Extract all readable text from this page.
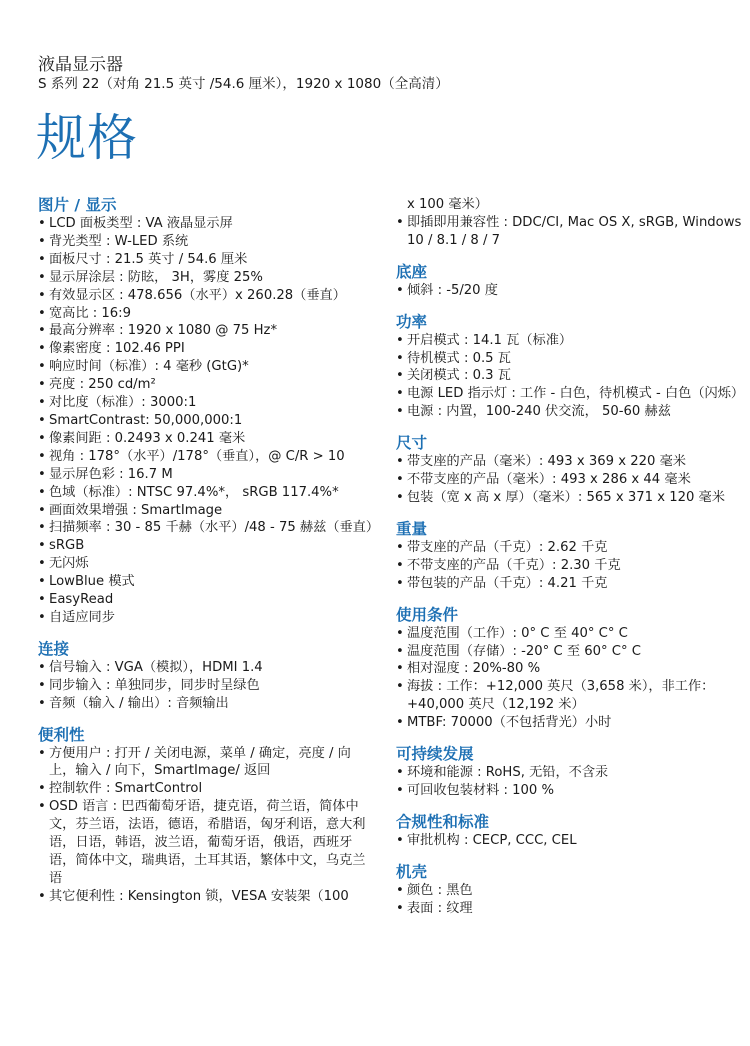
液晶显示器
S 系列 22（对角 21.5 英寸 /54.6 厘米），1920 x 1080（全高清）
规格
图片 / 显示
• LCD 面板类型 : VA 液晶显示屏
• 背光类型 : W-LED 系统
• 面板尺寸 : 21.5 英寸 / 54.6 厘米
• 显示屏涂层 : 防眩， 3H，雾度 25%
• 有效显示区 : 478.656（水平）x 260.28（垂直）
• 宽高比 : 16:9
• 最高分辨率 : 1920 x 1080 @ 75 Hz*
• 像素密度 : 102.46 PPI
• 响应时间（标准）: 4 毫秒 (GtG)*
• 亮度 : 250 cd/m²
• 对比度（标准）: 3000:1
• SmartContrast: 50,000,000:1
• 像素间距 : 0.2493 x 0.241 毫米
• 视角 : 178°（水平）/178°（垂直），@ C/R > 10
• 显示屏色彩 : 16.7 M
• 色域（标准）: NTSC 97.4%*， sRGB 117.4%*
• 画面效果增强 : SmartImage
• 扫描频率 : 30 - 85 千赫（水平）/48 - 75 赫兹（垂直）
• sRGB
• 无闪烁
• LowBlue 模式
• EasyRead
• 自适应同步
连接
• 信号输入 : VGA（模拟），HDMI 1.4
• 同步输入 : 单独同步，同步时呈绿色
• 音频（输入 / 输出）: 音频输出
便利性
• 方便用户 : 打开 / 关闭电源，菜单 / 确定，亮度 / 向上，输入 / 向下，SmartImage/ 返回
• 控制软件 : SmartControl
• OSD 语言 : 巴西葡萄牙语，捷克语，荷兰语，简体中文，芬兰语，法语，德语，希腊语，匈牙利语，意大利语，日语，韩语，波兰语，葡萄牙语，俄语，西班牙语，简体中文，瑞典语，土耳其语，繁体中文，乌克兰语
• 其它便利性 : Kensington 锁，VESA 安装架（100
x 100 毫米）
• 即插即用兼容性 : DDC/CI, Mac OS X, sRGB, Windows 10 / 8.1 / 8 / 7
底座
• 倾斜 : -5/20 度
功率
• 开启模式 : 14.1 瓦（标准）
• 待机模式 : 0.5 瓦
• 关闭模式 : 0.3 瓦
• 电源 LED 指示灯 : 工作 - 白色，待机模式 - 白色（闪烁）
• 电源 : 内置，100-240 伏交流， 50-60 赫兹
尺寸
• 带支座的产品（毫米）: 493 x 369 x 220 毫米
• 不带支座的产品（毫米）: 493 x 286 x 44 毫米
• 包装（宽 x 高 x 厚）（毫米）: 565 x 371 x 120 毫米
重量
• 带支座的产品（千克）: 2.62 千克
• 不带支座的产品（千克）: 2.30 千克
• 带包装的产品（千克）: 4.21 千克
使用条件
• 温度范围（工作）: 0° C 至 40° C° C
• 温度范围（存储）: -20° C 至 60° C° C
• 相对湿度 : 20%-80 %
• 海拔 : 工作：+12,000 英尺（3,658 米），非工作：+40,000 英尺（12,192 米）
• MTBF: 70000（不包括背光）小时
可持续发展
• 环境和能源 : RoHS, 无铅，不含汞
• 可回收包装材料 : 100 %
合规性和标准
• 审批机构 : CECP, CCC, CEL
机壳
• 颜色 : 黑色
• 表面 : 纹理
